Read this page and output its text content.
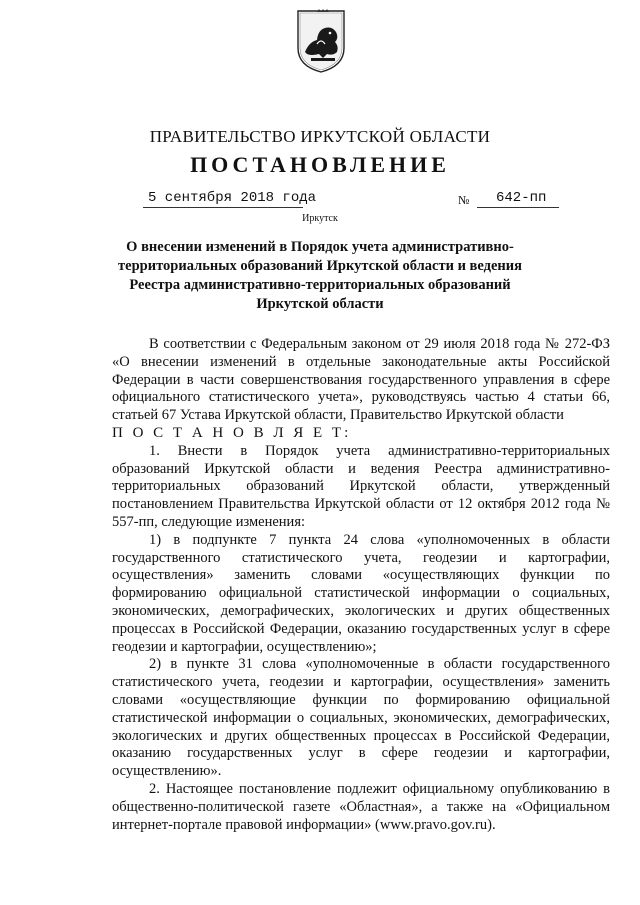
ПРАВИТЕЛЬСТВО ИРКУТСКОЙ ОБЛАСТИ
ПОСТАНОВЛЕНИЕ
5 сентября 2018 года	№ 642-пп
Иркутск
О внесении изменений в Порядок учета административно-территориальных образований Иркутской области и ведения Реестра административно-территориальных образований Иркутской области

В соответствии с Федеральным законом от 29 июля 2018 года № 272-ФЗ «О внесении изменений в отдельные законодательные акты Российской Федерации в части совершенствования государственного управления в сфере официального статистического учета», руководствуясь частью 4 статьи 66, статьей 67 Устава Иркутской области, Правительство Иркутской области

П О С Т А Н О В Л Я Е Т:

1. Внести в Порядок учета административно-территориальных образований Иркутской области и ведения Реестра административно-территориальных образований Иркутской области, утвержденный постановлением Правительства Иркутской области от 12 октября 2012 года № 557-пп, следующие изменения:

1) в подпункте 7 пункта 24 слова «уполномоченных в области государственного статистического учета, геодезии и картографии, осуществления» заменить словами «осуществляющих функции по формированию официальной статистической информации о социальных, экономических, демографических, экологических и других общественных процессах в Российской Федерации, оказанию государственных услуг в сфере геодезии и картографии, осуществлению»;

2) в пункте 31 слова «уполномоченные в области государственного статистического учета, геодезии и картографии, осуществления» заменить словами «осуществляющие функции по формированию официальной статистической информации о социальных, экономических, демографических, экологических и других общественных процессах в Российской Федерации, оказанию государственных услуг в сфере геодезии и картографии, осуществлению».

2. Настоящее постановление подлежит официальному опубликованию в общественно-политической газете «Областная», а также на «Официальном интернет-портале правовой информации» (www.pravo.gov.ru).
